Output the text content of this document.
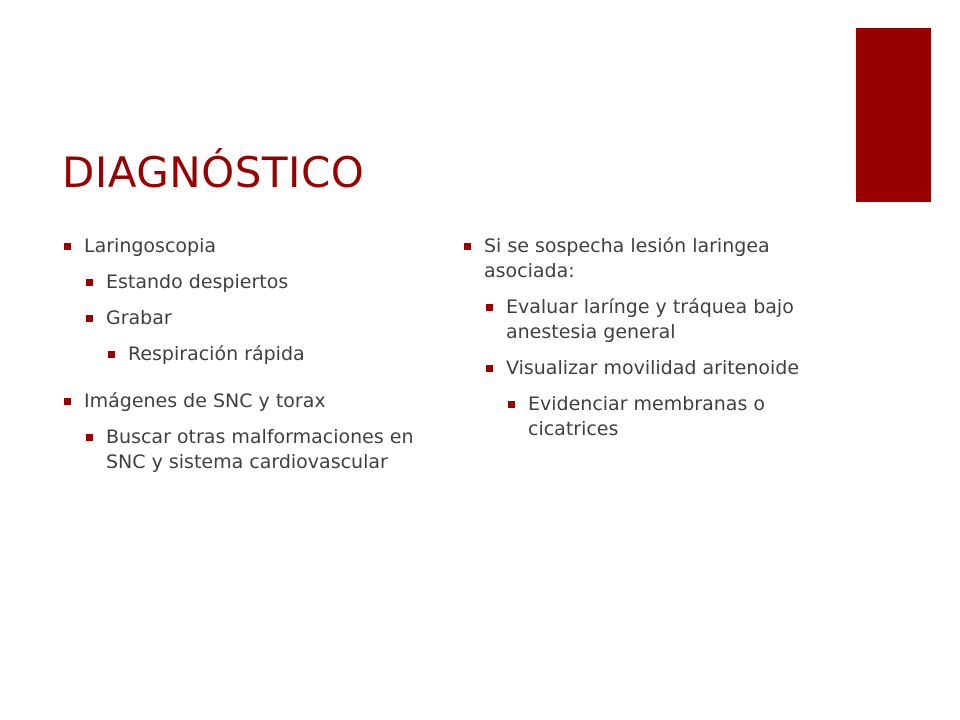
DIAGNÓSTICO
Laringoscopia
Estando despiertos
Grabar
Respiración rápida
Imágenes de SNC y torax
Buscar otras malformaciones en SNC y sistema cardiovascular
Si se sospecha lesión laringea asociada:
Evaluar larínge y tráquea bajo anestesia general
Visualizar movilidad aritenoide
Evidenciar membranas o cicatrices
